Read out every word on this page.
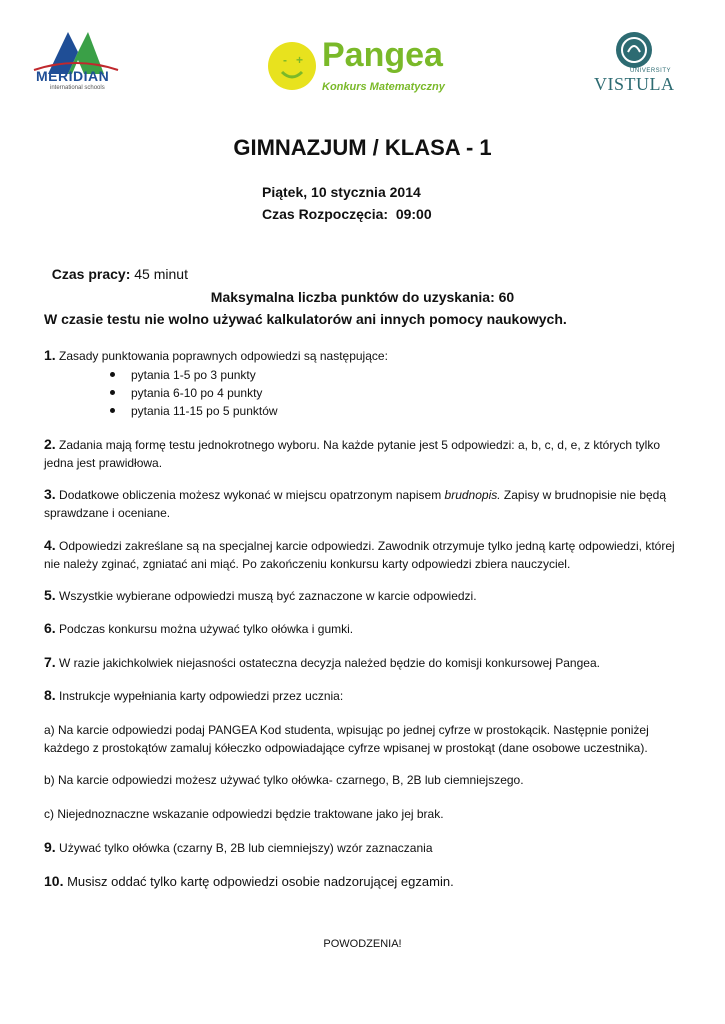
MERIDIAN
international schools
- + Pangea
Konkurs Matematyczny
UNIVERSITY
VISTULA
GIMNAZJUM / KLASA - 1
Piątek, 10 stycznia 2014
Czas Rozpoczęcia:  09:00

Czas pracy: 45 minut

Maksymalna liczba punktów do uzyskania: 60
W czasie testu nie wolno używać kalkulatorów ani innych pomocy naukowych.
1. Zasady punktowania poprawnych odpowiedzi są następujące:
pytania 1-5 po 3 punkty
pytania 6-10 po 4 punkty
pytania 11-15 po 5 punktów
2. Zadania mają formę testu jednokrotnego wyboru. Na każde pytanie jest 5 odpowiedzi: a, b, c, d, e, z których tylko jedna jest prawidłowa.
3. Dodatkowe obliczenia możesz wykonać w miejscu opatrzonym napisem brudnopis. Zapisy w brudnopisie nie będą sprawdzane i oceniane.
4. Odpowiedzi zakreślane są na specjalnej karcie odpowiedzi. Zawodnik otrzymuje tylko jedną kartę odpowiedzi, której nie należy zginać, zgniatać ani miąć. Po zakończeniu konkursu karty odpowiedzi zbiera nauczyciel.
5. Wszystkie wybierane odpowiedzi muszą być zaznaczone w karcie odpowiedzi.
6. Podczas konkursu można używać tylko ołówka i gumki.
7. W razie jakichkolwiek niejasności ostateczna decyzja należed będzie do komisji konkursowej Pangea.
8. Instrukcje wypełniania karty odpowiedzi przez ucznia:
a) Na karcie odpowiedzi podaj PANGEA Kod studenta, wpisując po jednej cyfrze w prostokącik. Następnie poniżej każdego z prostokątów zamaluj kółeczko odpowiadające cyfrze wpisanej w prostokąt (dane osobowe uczestnika).
b) Na karcie odpowiedzi możesz używać tylko ołówka- czarnego, B, 2B lub ciemniejszego.
c) Niejednoznaczne wskazanie odpowiedzi będzie traktowane jako jej brak.
9. Używać tylko ołówka (czarny B, 2B lub ciemniejszy) wzór zaznaczania
10. Musisz oddać tylko kartę odpowiedzi osobie nadzorującej egzamin.
POWODZENIA!
